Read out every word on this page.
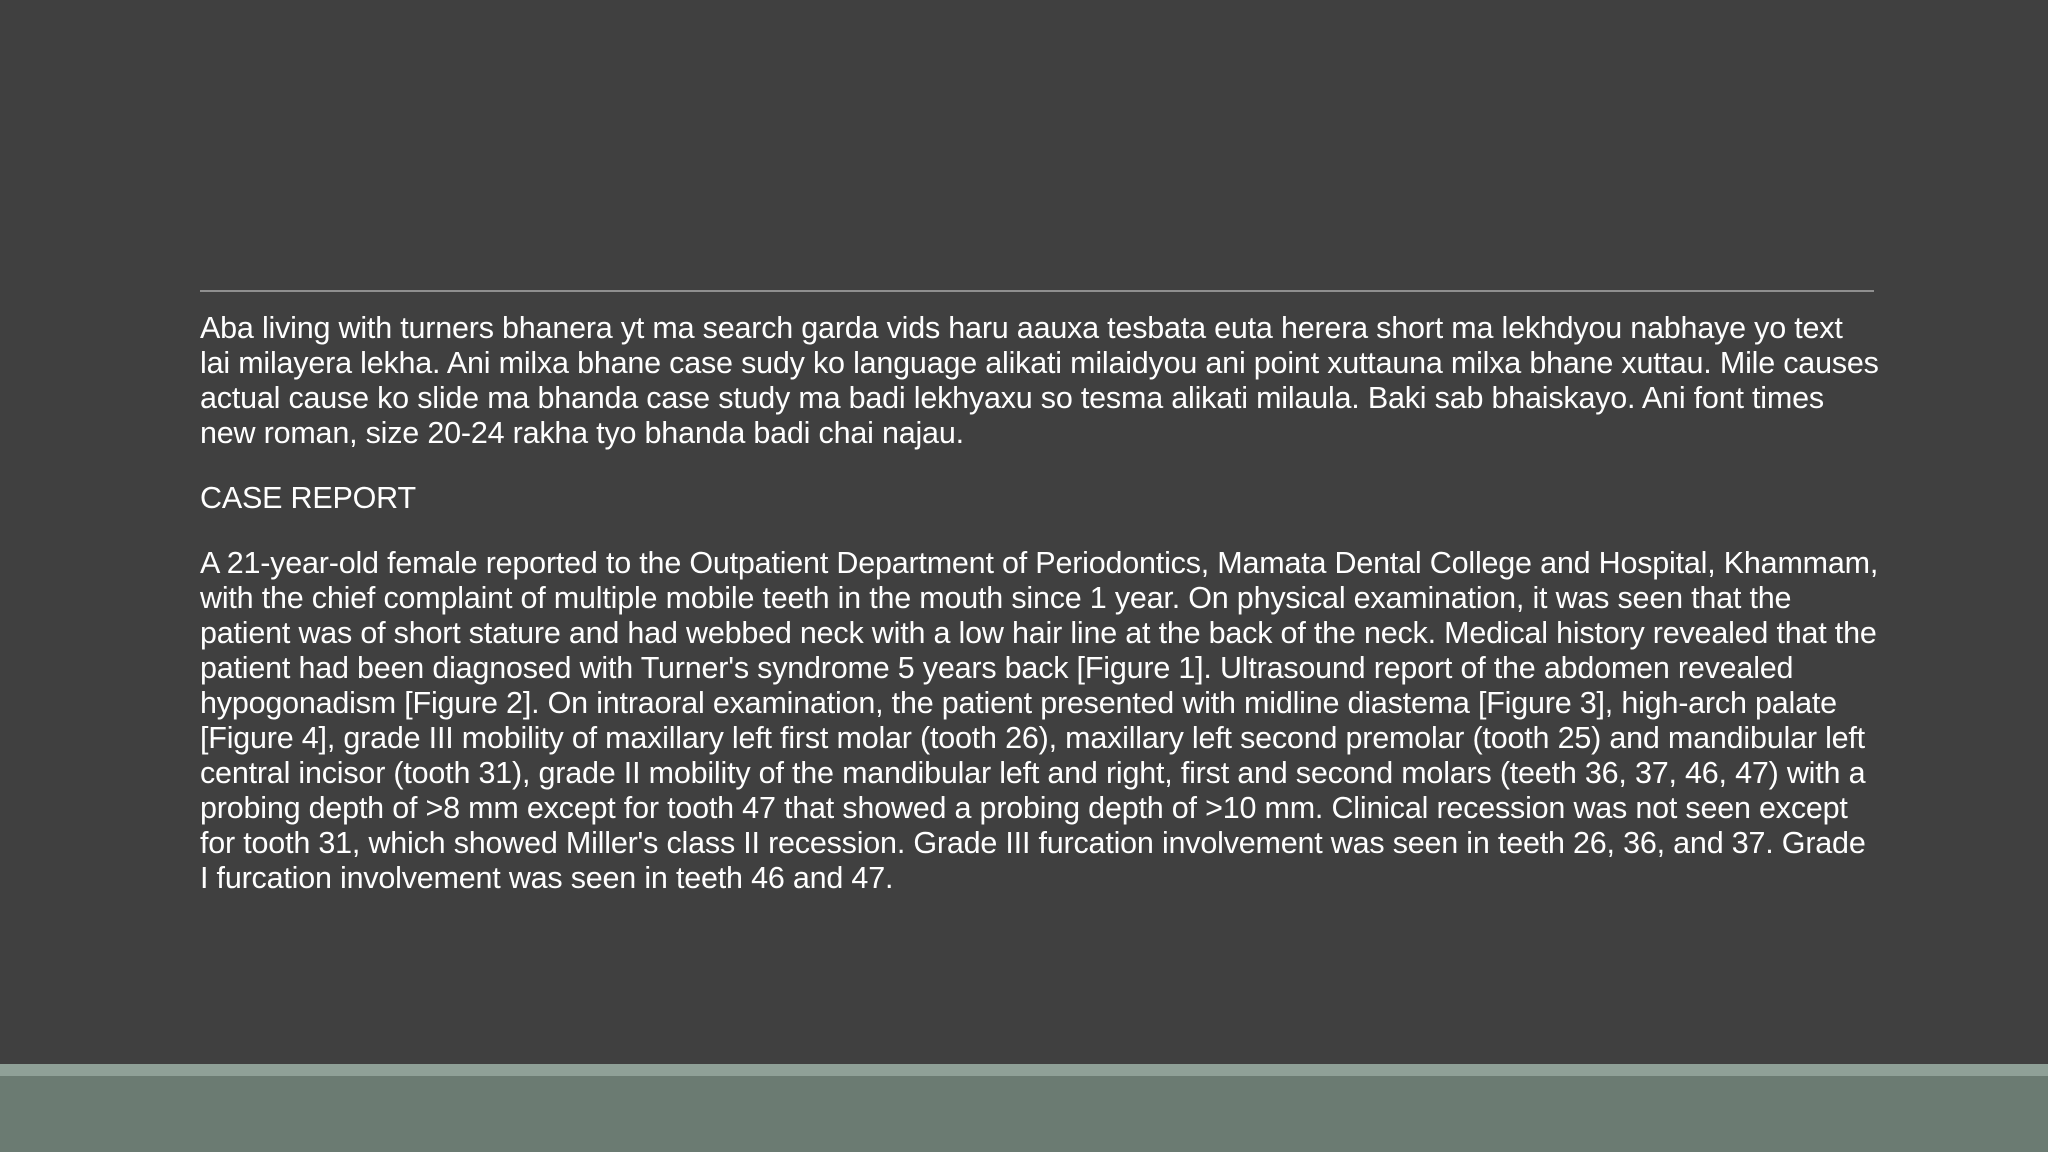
Aba living with turners bhanera yt ma search garda vids haru aauxa tesbata euta herera short ma lekhdyou nabhaye yo text lai milayera lekha. Ani milxa bhane case sudy ko language alikati milaidyou ani point xuttauna milxa bhane xuttau. Mile causes actual cause ko slide ma bhanda case study ma badi lekhyaxu so tesma alikati milaula. Baki sab bhaiskayo. Ani font times new roman, size 20-24 rakha tyo bhanda badi chai najau.

CASE REPORT

A 21-year-old female reported to the Outpatient Department of Periodontics, Mamata Dental College and Hospital, Khammam, with the chief complaint of multiple mobile teeth in the mouth since 1 year. On physical examination, it was seen that the patient was of short stature and had webbed neck with a low hair line at the back of the neck. Medical history revealed that the patient had been diagnosed with Turner's syndrome 5 years back [Figure 1]. Ultrasound report of the abdomen revealed hypogonadism [Figure 2]. On intraoral examination, the patient presented with midline diastema [Figure 3], high-arch palate [Figure 4], grade III mobility of maxillary left first molar (tooth 26), maxillary left second premolar (tooth 25) and mandibular left central incisor (tooth 31), grade II mobility of the mandibular left and right, first and second molars (teeth 36, 37, 46, 47) with a probing depth of >8 mm except for tooth 47 that showed a probing depth of >10 mm. Clinical recession was not seen except for tooth 31, which showed Miller's class II recession. Grade III furcation involvement was seen in teeth 26, 36, and 37. Grade I furcation involvement was seen in teeth 46 and 47.
